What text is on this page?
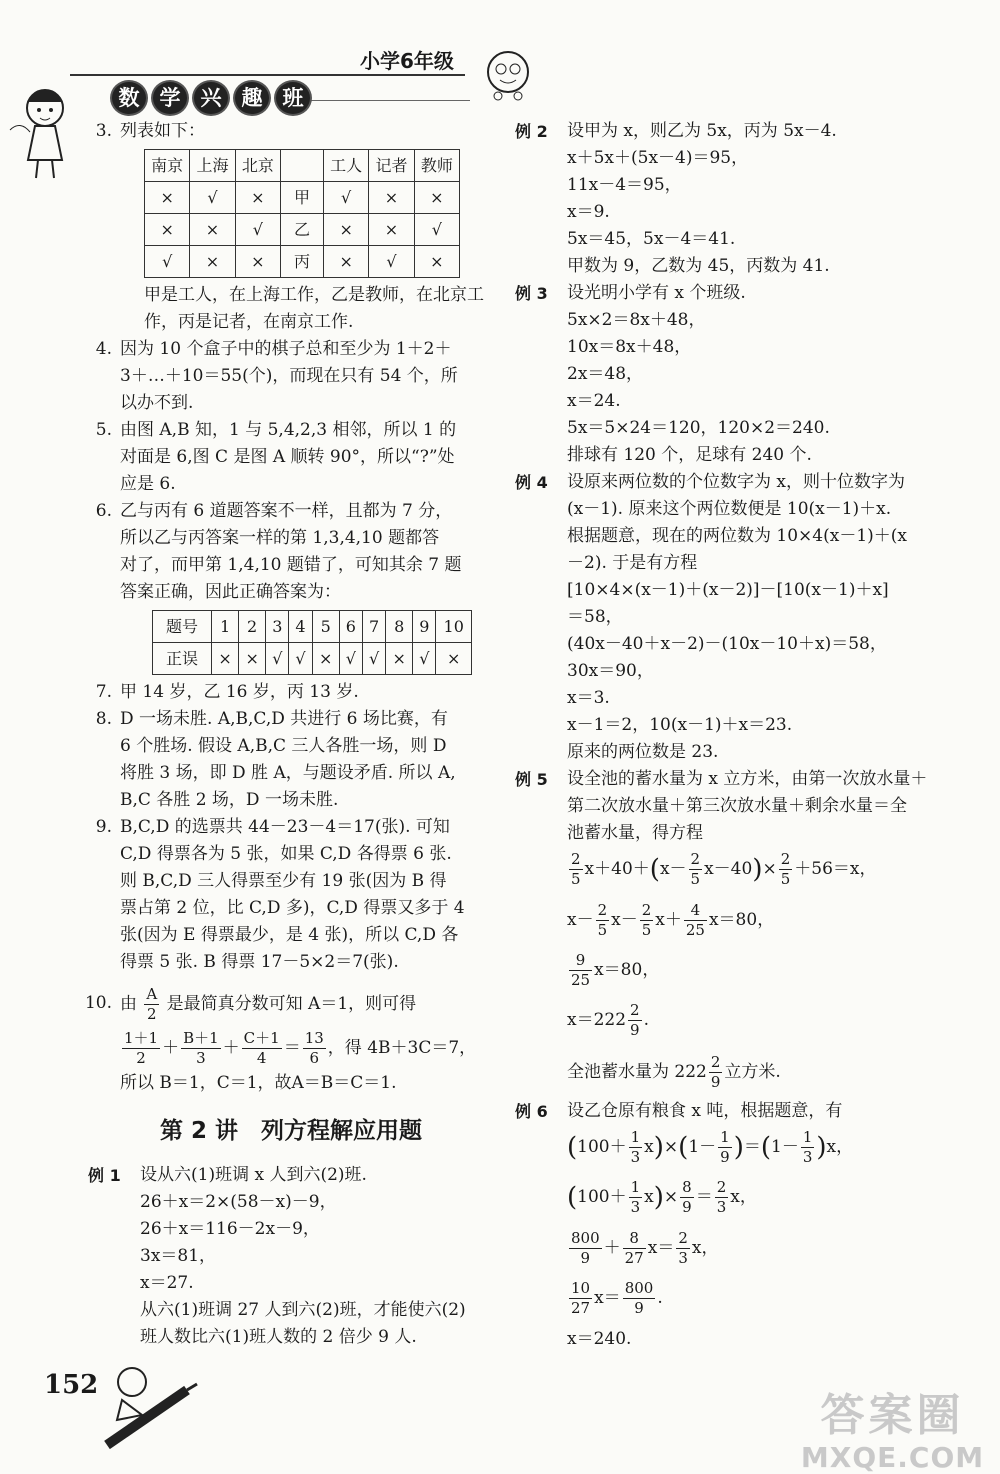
数 学 兴 趣 班
小学6年级
3. 列表如下：

南京	上海	北京		工人	记者	教师
×	√	×	甲	√	×	×
×	×	√	乙	×	×	√
√	×	×	丙	×	√	×

甲是工人，在上海工作，乙是教师，在北京工

作，丙是记者，在南京工作.

4. 因为 10 个盒子中的棋子总和至少为 1＋2＋

3＋…＋10＝55(个)，而现在只有 54 个，所

以办不到.

5. 由图 A,B 知，1 与 5,4,2,3 相邻，所以 1 的

对面是 6,图 C 是图 A 顺转 90°，所以“?”处

应是 6.

6. 乙与丙有 6 道题答案不一样，且都为 7 分，

所以乙与丙答案一样的第 1,3,4,10 题都答

对了，而甲第 1,4,10 题错了，可知其余 7 题

答案正确，因此正确答案为：

题号	1	2	3	4	5	6	7	8	9	10
正误	×	×	√	√	×	√	√	×	√	×
7. 甲 14 岁，乙 16 岁，丙 13 岁.

8. D 一场未胜. A,B,C,D 共进行 6 场比赛，有

6 个胜场. 假设 A,B,C 三人各胜一场，则 D

将胜 3 场，即 D 胜 A，与题设矛盾. 所以 A,

B,C 各胜 2 场，D 一场未胜.

9. B,C,D 的选票共 44－23－4＝17(张). 可知

C,D 得票各为 5 张，如果 C,D 各得票 6 张.

则 B,C,D 三人得票至少有 19 张(因为 B 得

票占第 2 位，比 C,D 多)，C,D 得票又多于 4

张(因为 E 得票最少，是 4 张)，所以 C,D 各

得票 5 张. B 得票 17－5×2＝7(张).

10. 由 $\frac{A}{2}$ 是最简真分数可知 A＝1，则可得

$\frac{1+1}{2} + \frac{B+1}{3} + \frac{C+1}{4} = \frac{13}{6}$ ，得 4B＋3C＝7，

所以 B＝1，C＝1，故A＝B＝C＝1.

第 2 讲　列方程解应用题
例 1 设从六(1)班调 x 人到六(2)班.

26＋x＝2×(58－x)－9，

26＋x＝116－2x－9，

3x＝81，

x＝27.

从六(1)班调 27 人到六(2)班，才能使六(2)

班人数比六(1)班人数的 2 倍少 9 人.

例 2 设甲为 x，则乙为 5x，丙为 5x－4.

x＋5x＋(5x－4)＝95，

11x－4＝95，

x＝9.

5x＝45，5x－4＝41.

甲数为 9，乙数为 45，丙数为 41.

例 3 设光明小学有 x 个班级.

5x×2＝8x＋48，

10x＝8x＋48，

2x＝48，

x＝24.

5x＝5×24＝120，120×2＝240.

排球有 120 个，足球有 240 个.

例 4 设原来两位数的个位数字为 x，则十位数字为

(x－1). 原来这个两位数便是 10(x－1)＋x.

根据题意，现在的两位数为 10×4(x－1)＋(x

－2). 于是有方程

[10×4×(x－1)＋(x－2)]－[10(x－1)＋x]

＝58，

(40x－40＋x－2)－(10x－10＋x)＝58，

30x＝90，

x＝3.

x－1＝2，10(x－1)＋x＝23.

原来的两位数是 23.

例 5 设全池的蓄水量为 x 立方米，由第一次放水量＋

第二次放水量＋第三次放水量＋剩余水量＝全

池蓄水量，得方程

$\frac{2}{5} x+40+(x- \frac{2}{5} x-40)\times \frac{2}{5} +56=x$，

$x- \frac{2}{5} x- \frac{2}{5} x+ \frac{4}{25} x=80$，

$\frac{9}{25} x=80$，

$x=222 \frac{2}{9}$ .

全池蓄水量为 $222 \frac{2}{9}$ 立方米.

例 6 设乙仓原有粮食 x 吨，根据题意，有

$(100+ \frac{1}{3} x)\times(1- \frac{1}{9} )=(1- \frac{1}{3} )x$，

$(100+ \frac{1}{3} x)\times \frac{8}{9} = \frac{2}{3}$ x，

$\frac{800}{9} + \frac{8}{27} x= \frac{2}{3}$ x，

$\frac{10}{27} x= \frac{800}{9}$ .

x＝240.

152
答案圈
MXQE.COM
